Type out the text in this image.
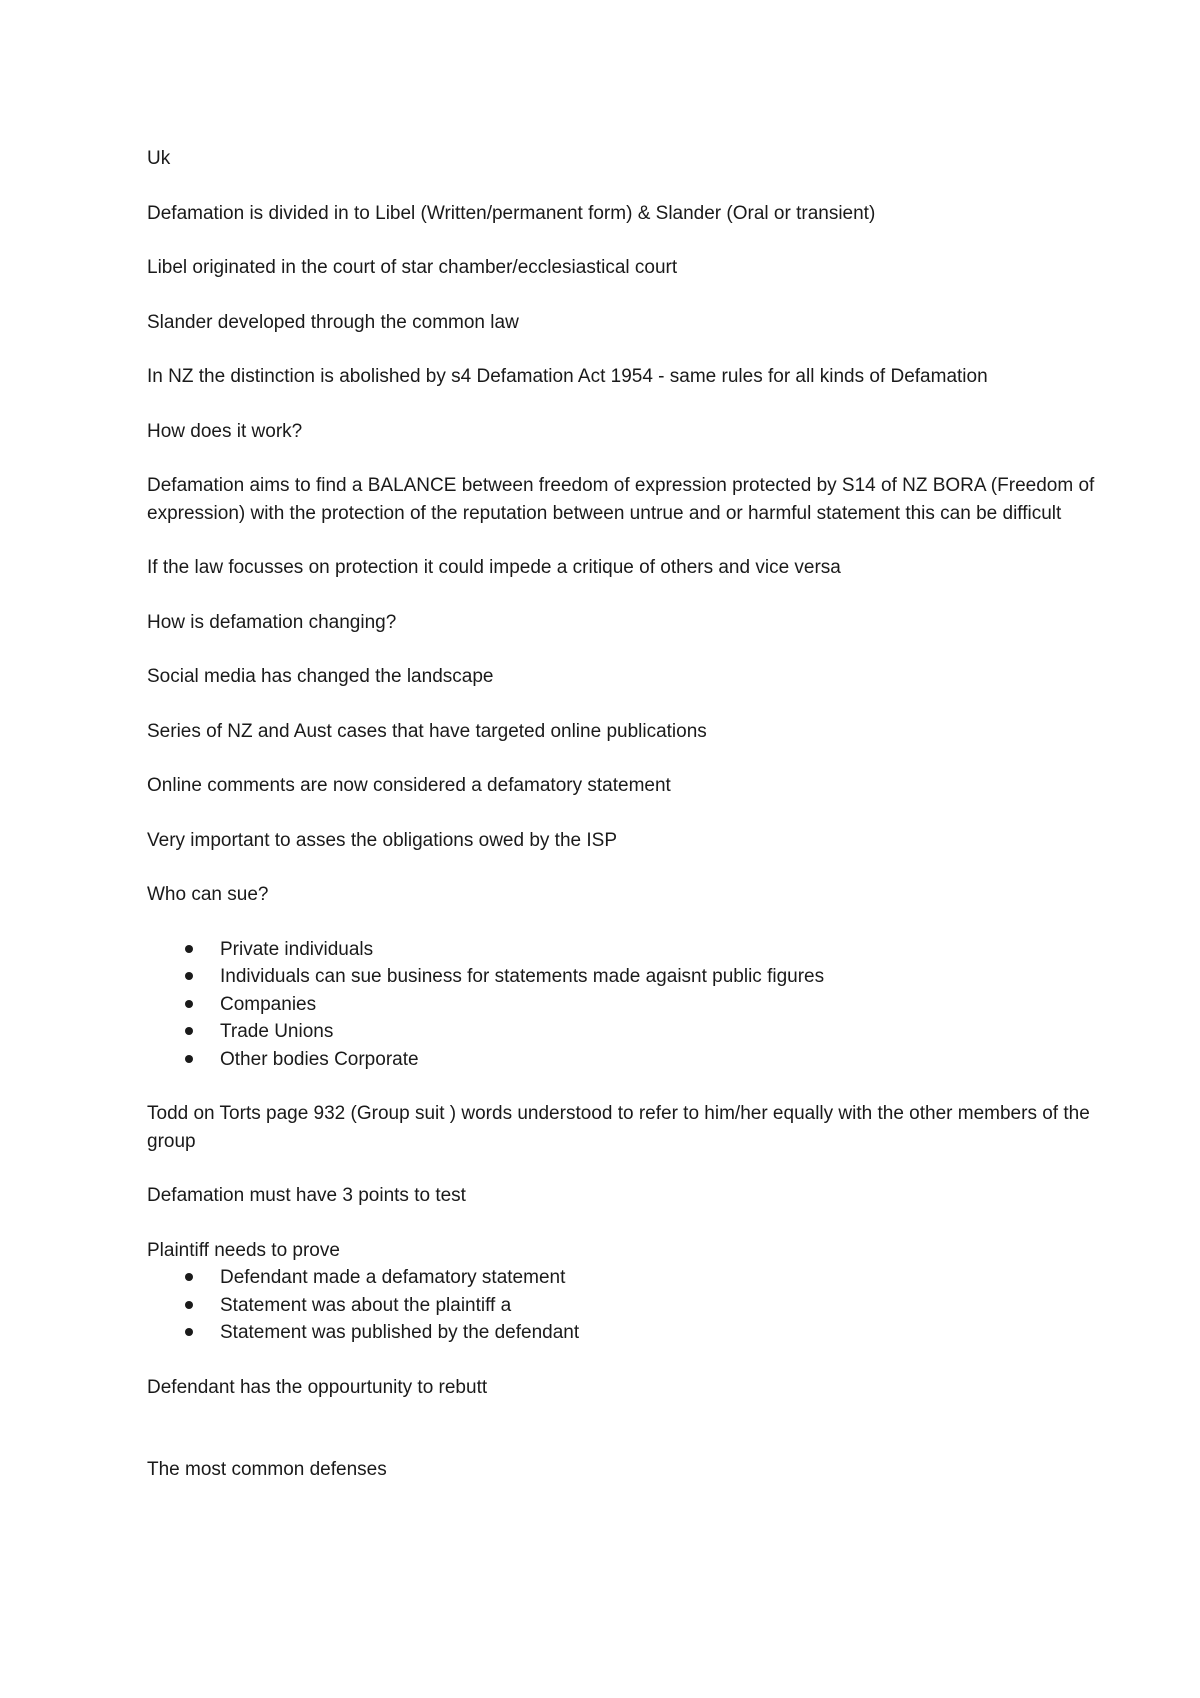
Uk

Defamation is divided in to Libel (Written/permanent form) & Slander (Oral or transient)

Libel originated in the court of star chamber/ecclesiastical court

Slander developed through the common law

In NZ the distinction is abolished by s4 Defamation Act 1954 - same rules for all kinds of Defamation

How does it work?

Defamation aims to find a BALANCE between freedom of expression protected by S14 of NZ BORA (Freedom of expression) with the protection of the reputation between untrue and or harmful statement this can be difficult

If the law focusses on protection it could impede a critique of others and vice versa

How is defamation changing?

Social media has changed the landscape

Series of NZ and Aust cases that have targeted online publications

Online comments are now considered a defamatory statement

Very important to asses the obligations owed by the ISP

Who can sue?

Private individuals
Individuals can sue business for statements made agaisnt public figures
Companies
Trade Unions
Other bodies Corporate

Todd on Torts page 932 (Group suit ) words understood to refer to him/her equally with the other members of the group

Defamation must have 3 points to test

Plaintiff needs to prove

Defendant made a defamatory statement
Statement was about the plaintiff a
Statement was published by the defendant

Defendant has the oppourtunity to rebutt

The most common defenses
